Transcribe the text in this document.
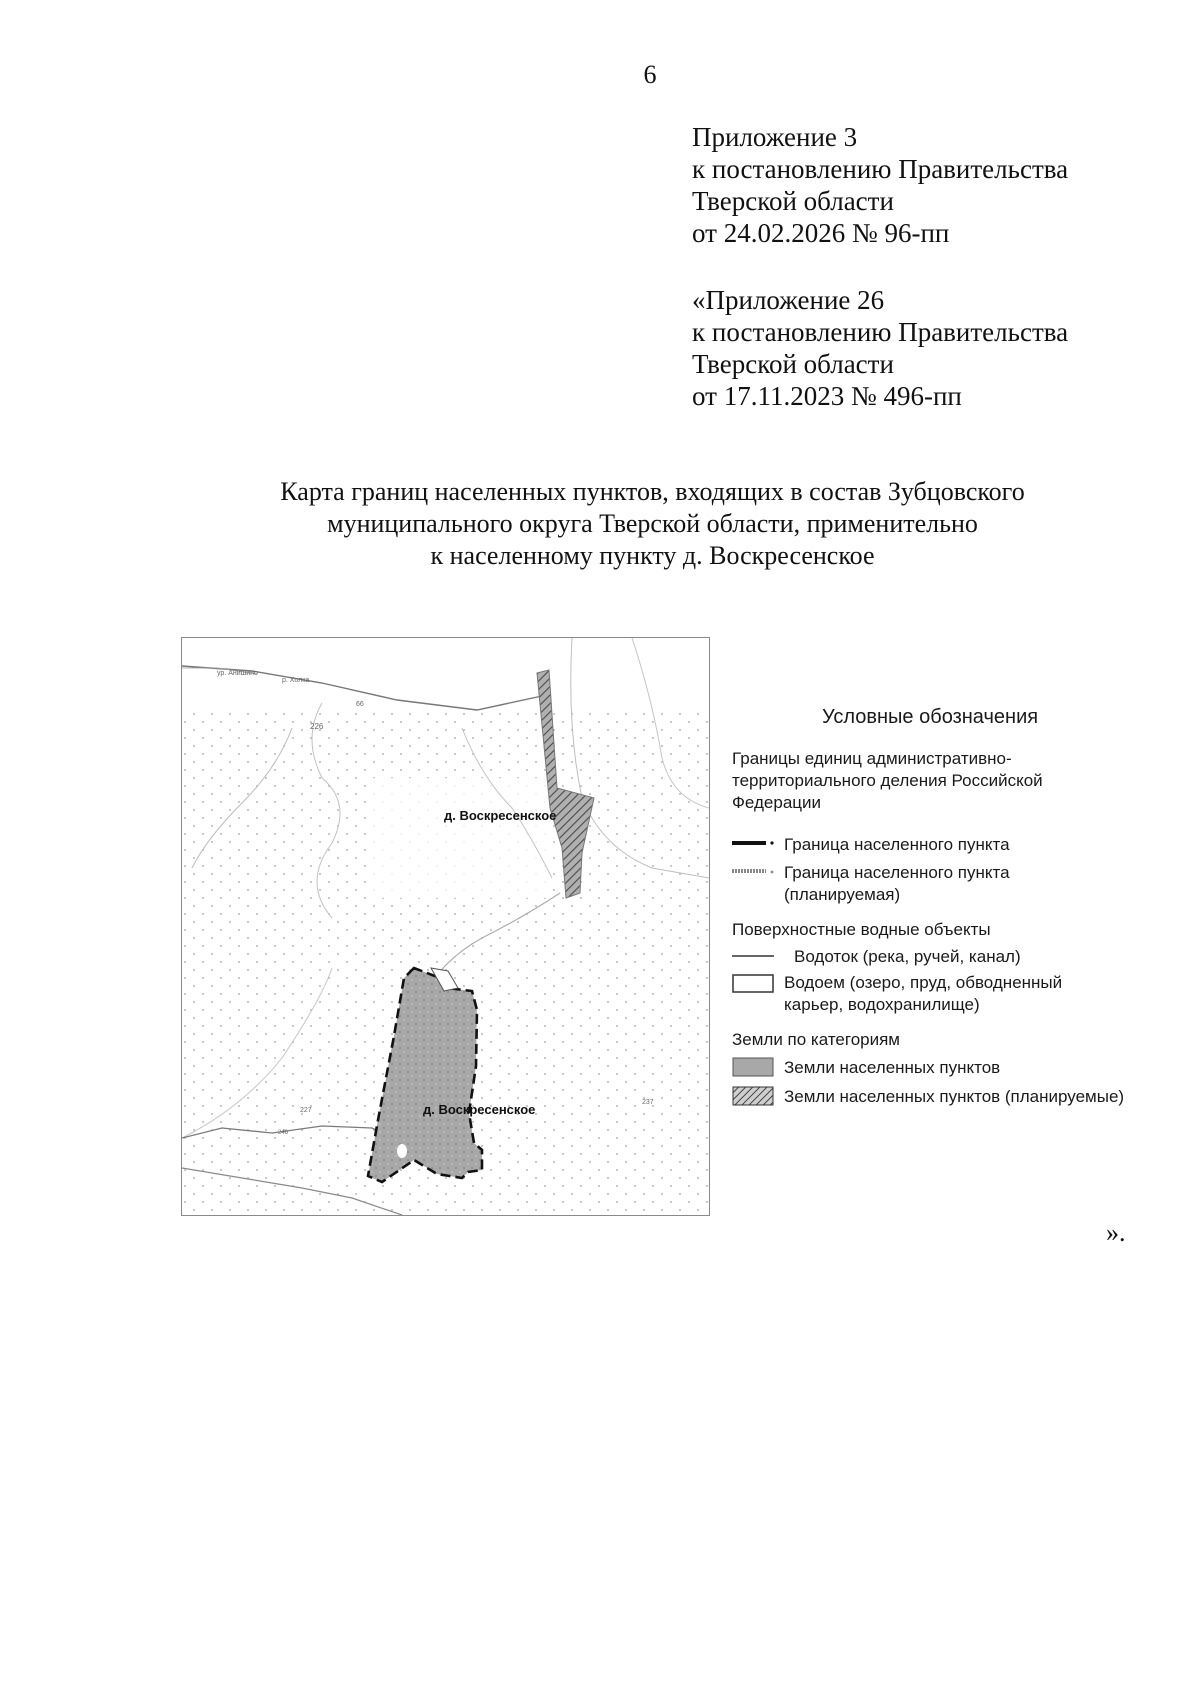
6
Приложение 3
к постановлению Правительства
Тверской области
от 24.02.2026 № 96-пп
«Приложение 26
к постановлению Правительства
Тверской области
от 17.11.2023 № 496-пп
Карта границ населенных пунктов, входящих в состав Зубцовского
муниципального округа Тверской области, применительно
к населенному пункту д. Воскресенское
ур. Анишино
р. Холка
226
66
227
237
246
д. Воскресенское
д. Воскресенское
Условные обозначения
Границы единиц административно-
территориального деления Российской
Федерации
Граница населенного пункта
Граница населенного пункта
(планируемая)
Поверхностные водные объекты
Водоток (река, ручей, канал)
Водоем (озеро, пруд, обводненный
карьер, водохранилище)
Земли по категориям
Земли населенных пунктов
Земли населенных пунктов (планируемые)
».
